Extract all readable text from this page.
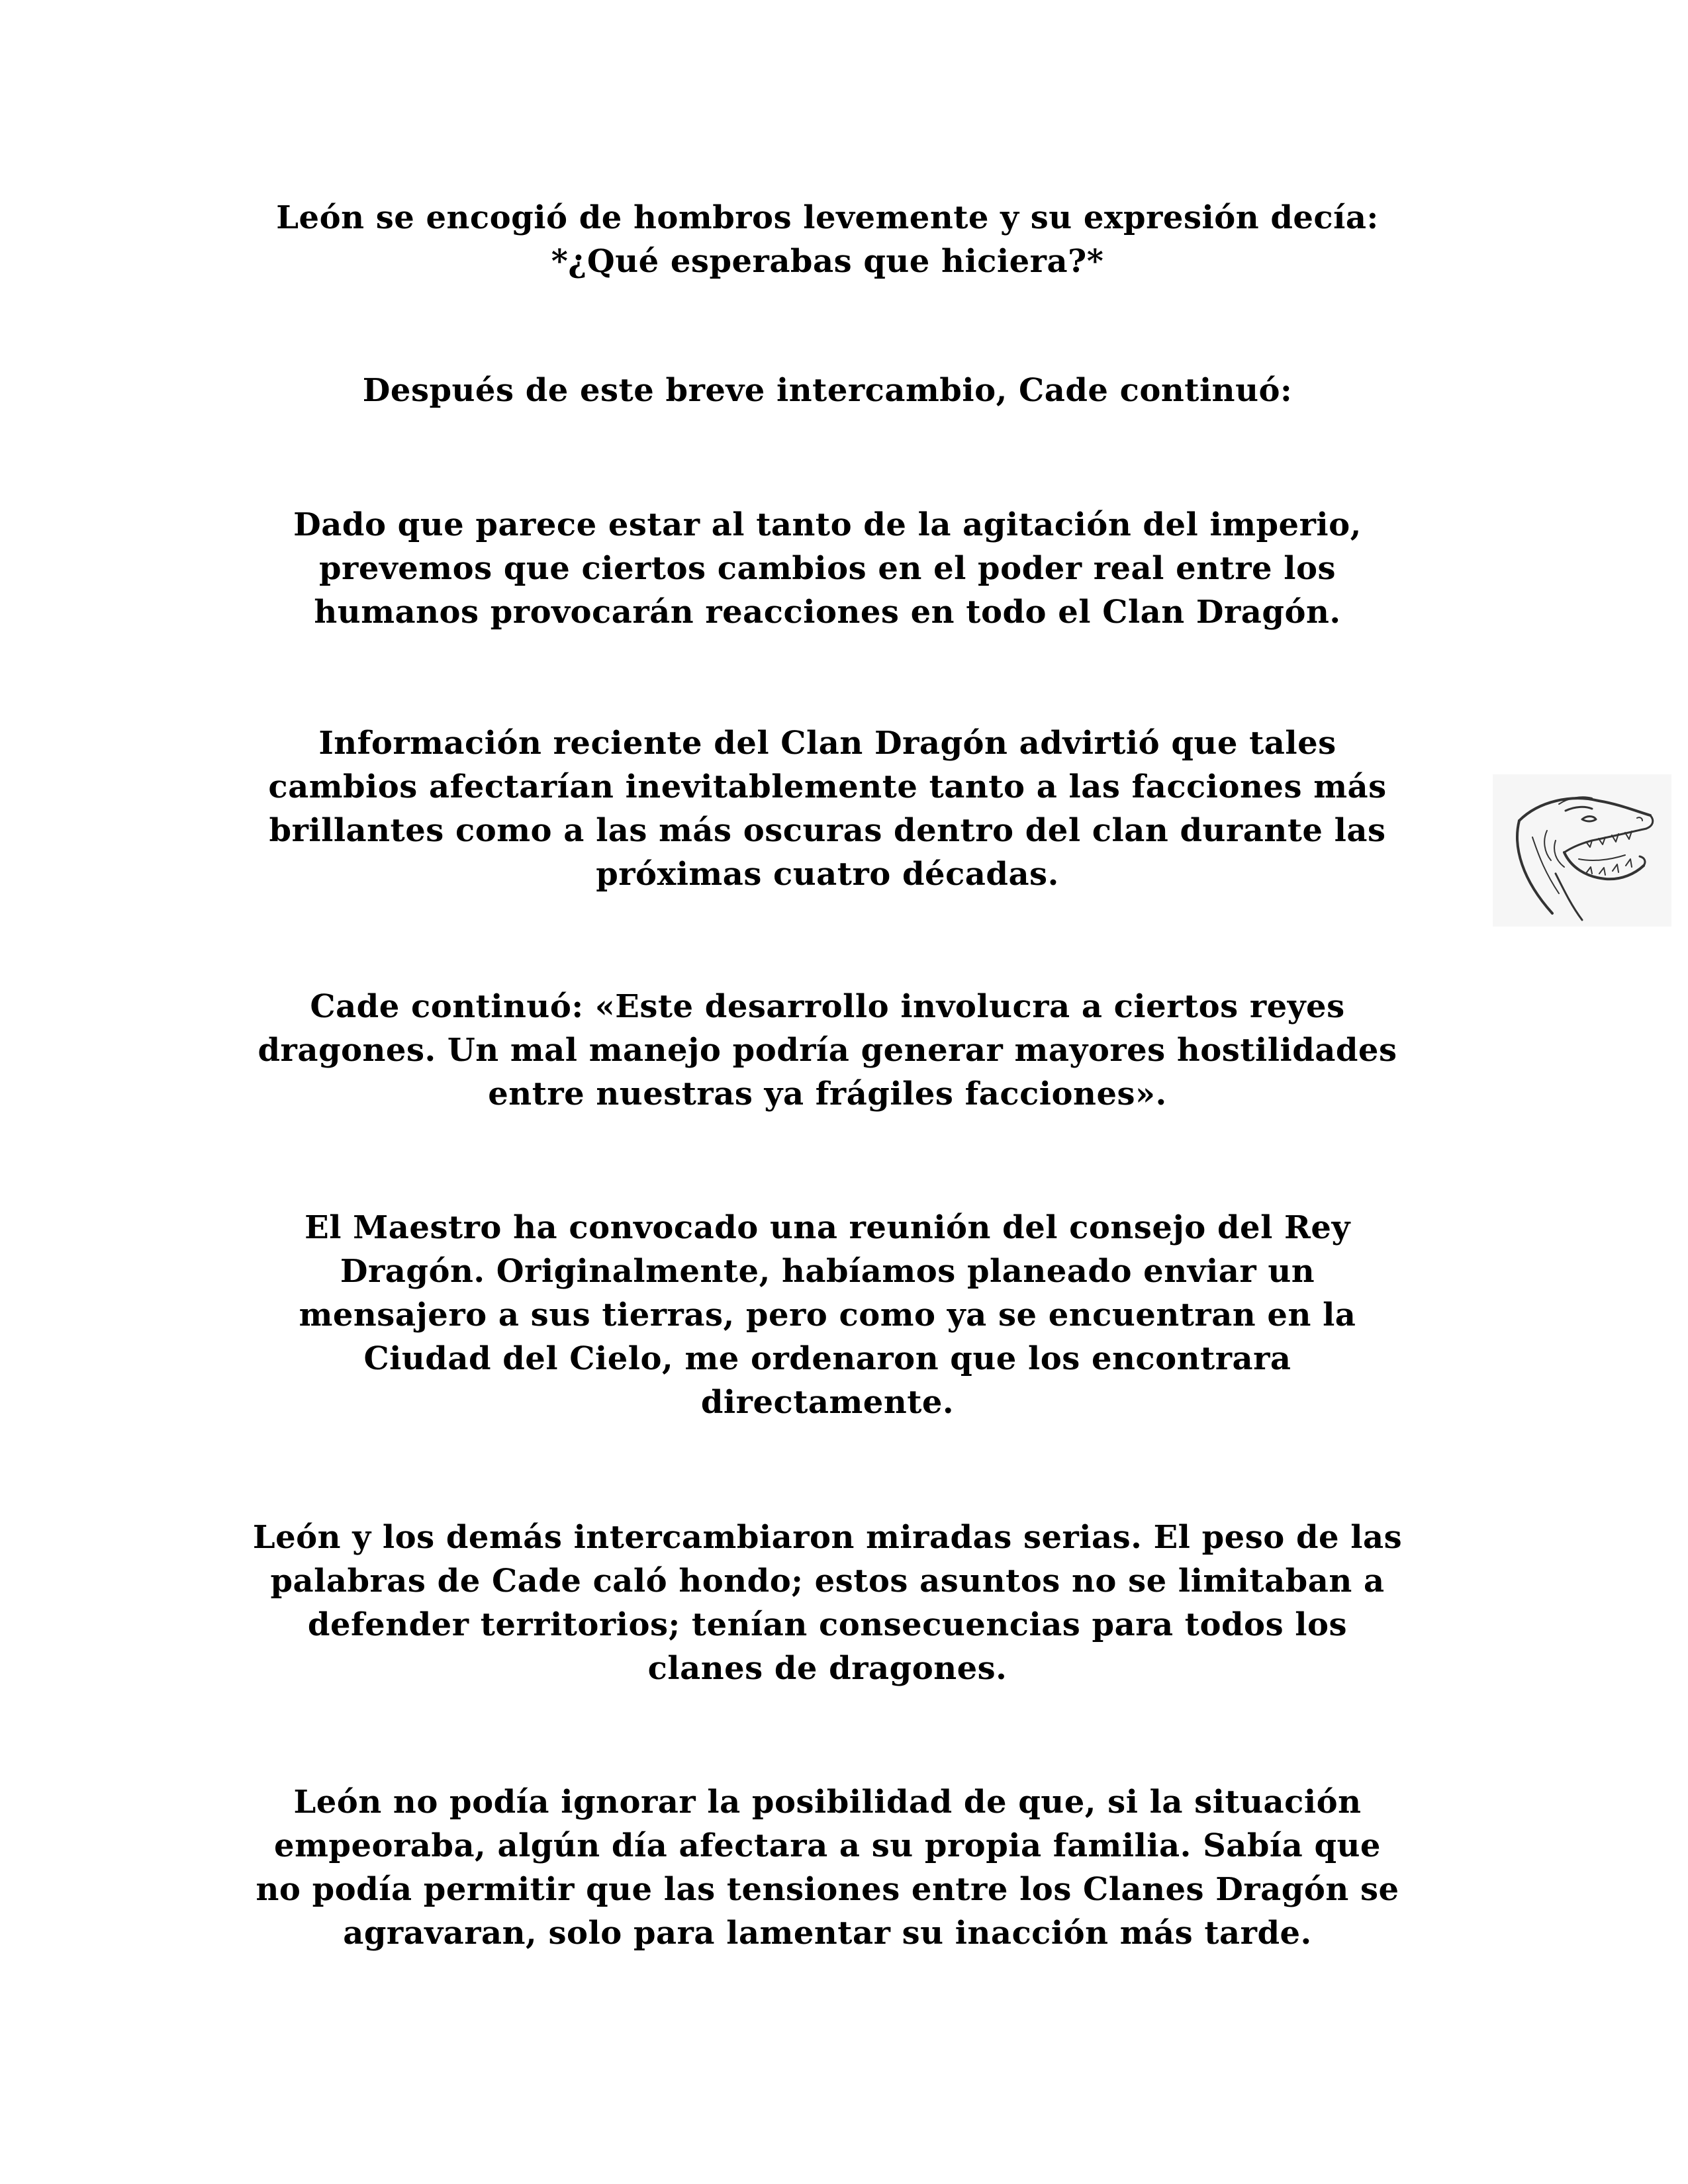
León se encogió de hombros levemente y su expresión decía:
*¿Qué esperabas que hiciera?*

Después de este breve intercambio, Cade continuó:

Dado que parece estar al tanto de la agitación del imperio,
prevemos que ciertos cambios en el poder real entre los
humanos provocarán reacciones en todo el Clan Dragón.

Información reciente del Clan Dragón advirtió que tales
cambios afectarían inevitablemente tanto a las facciones más
brillantes como a las más oscuras dentro del clan durante las
próximas cuatro décadas.

Cade continuó: «Este desarrollo involucra a ciertos reyes
dragones. Un mal manejo podría generar mayores hostilidades
entre nuestras ya frágiles facciones».

El Maestro ha convocado una reunión del consejo del Rey
Dragón. Originalmente, habíamos planeado enviar un
mensajero a sus tierras, pero como ya se encuentran en la
Ciudad del Cielo, me ordenaron que los encontrara
directamente.

León y los demás intercambiaron miradas serias. El peso de las
palabras de Cade caló hondo; estos asuntos no se limitaban a
defender territorios; tenían consecuencias para todos los
clanes de dragones.

León no podía ignorar la posibilidad de que, si la situación
empeoraba, algún día afectara a su propia familia. Sabía que
no podía permitir que las tensiones entre los Clanes Dragón se
agravaran, solo para lamentar su inacción más tarde.
